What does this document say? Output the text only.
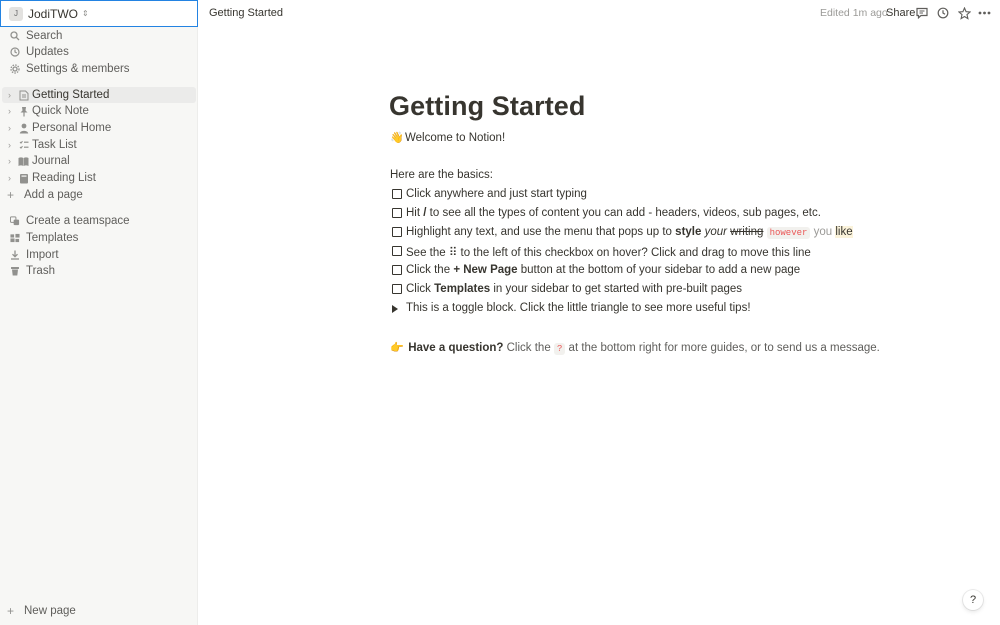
J JodiTWO ⇕
Search
Updates
Settings & members
› Getting Started
› Quick Note
› Personal Home
› Task List
› Journal
› Reading List
+ Add a page
Create a teamspace
Templates
Import
Trash
+ New page
Getting Started	Edited 1m ago
Share
Getting Started
👋 Welcome to Notion!
Here are the basics:
Click anywhere and just start typing
Hit / to see all the types of content you can add - headers, videos, sub pages, etc.
Highlight any text, and use the menu that pops up to style your writing however you like
See the ⠿ to the left of this checkbox on hover? Click and drag to move this line
Click the + New Page button at the bottom of your sidebar to add a new page
Click Templates in your sidebar to get started with pre-built pages
This is a toggle block. Click the little triangle to see more useful tips!
👉 Have a question? Click the ? at the bottom right for more guides, or to send us a message.
?
